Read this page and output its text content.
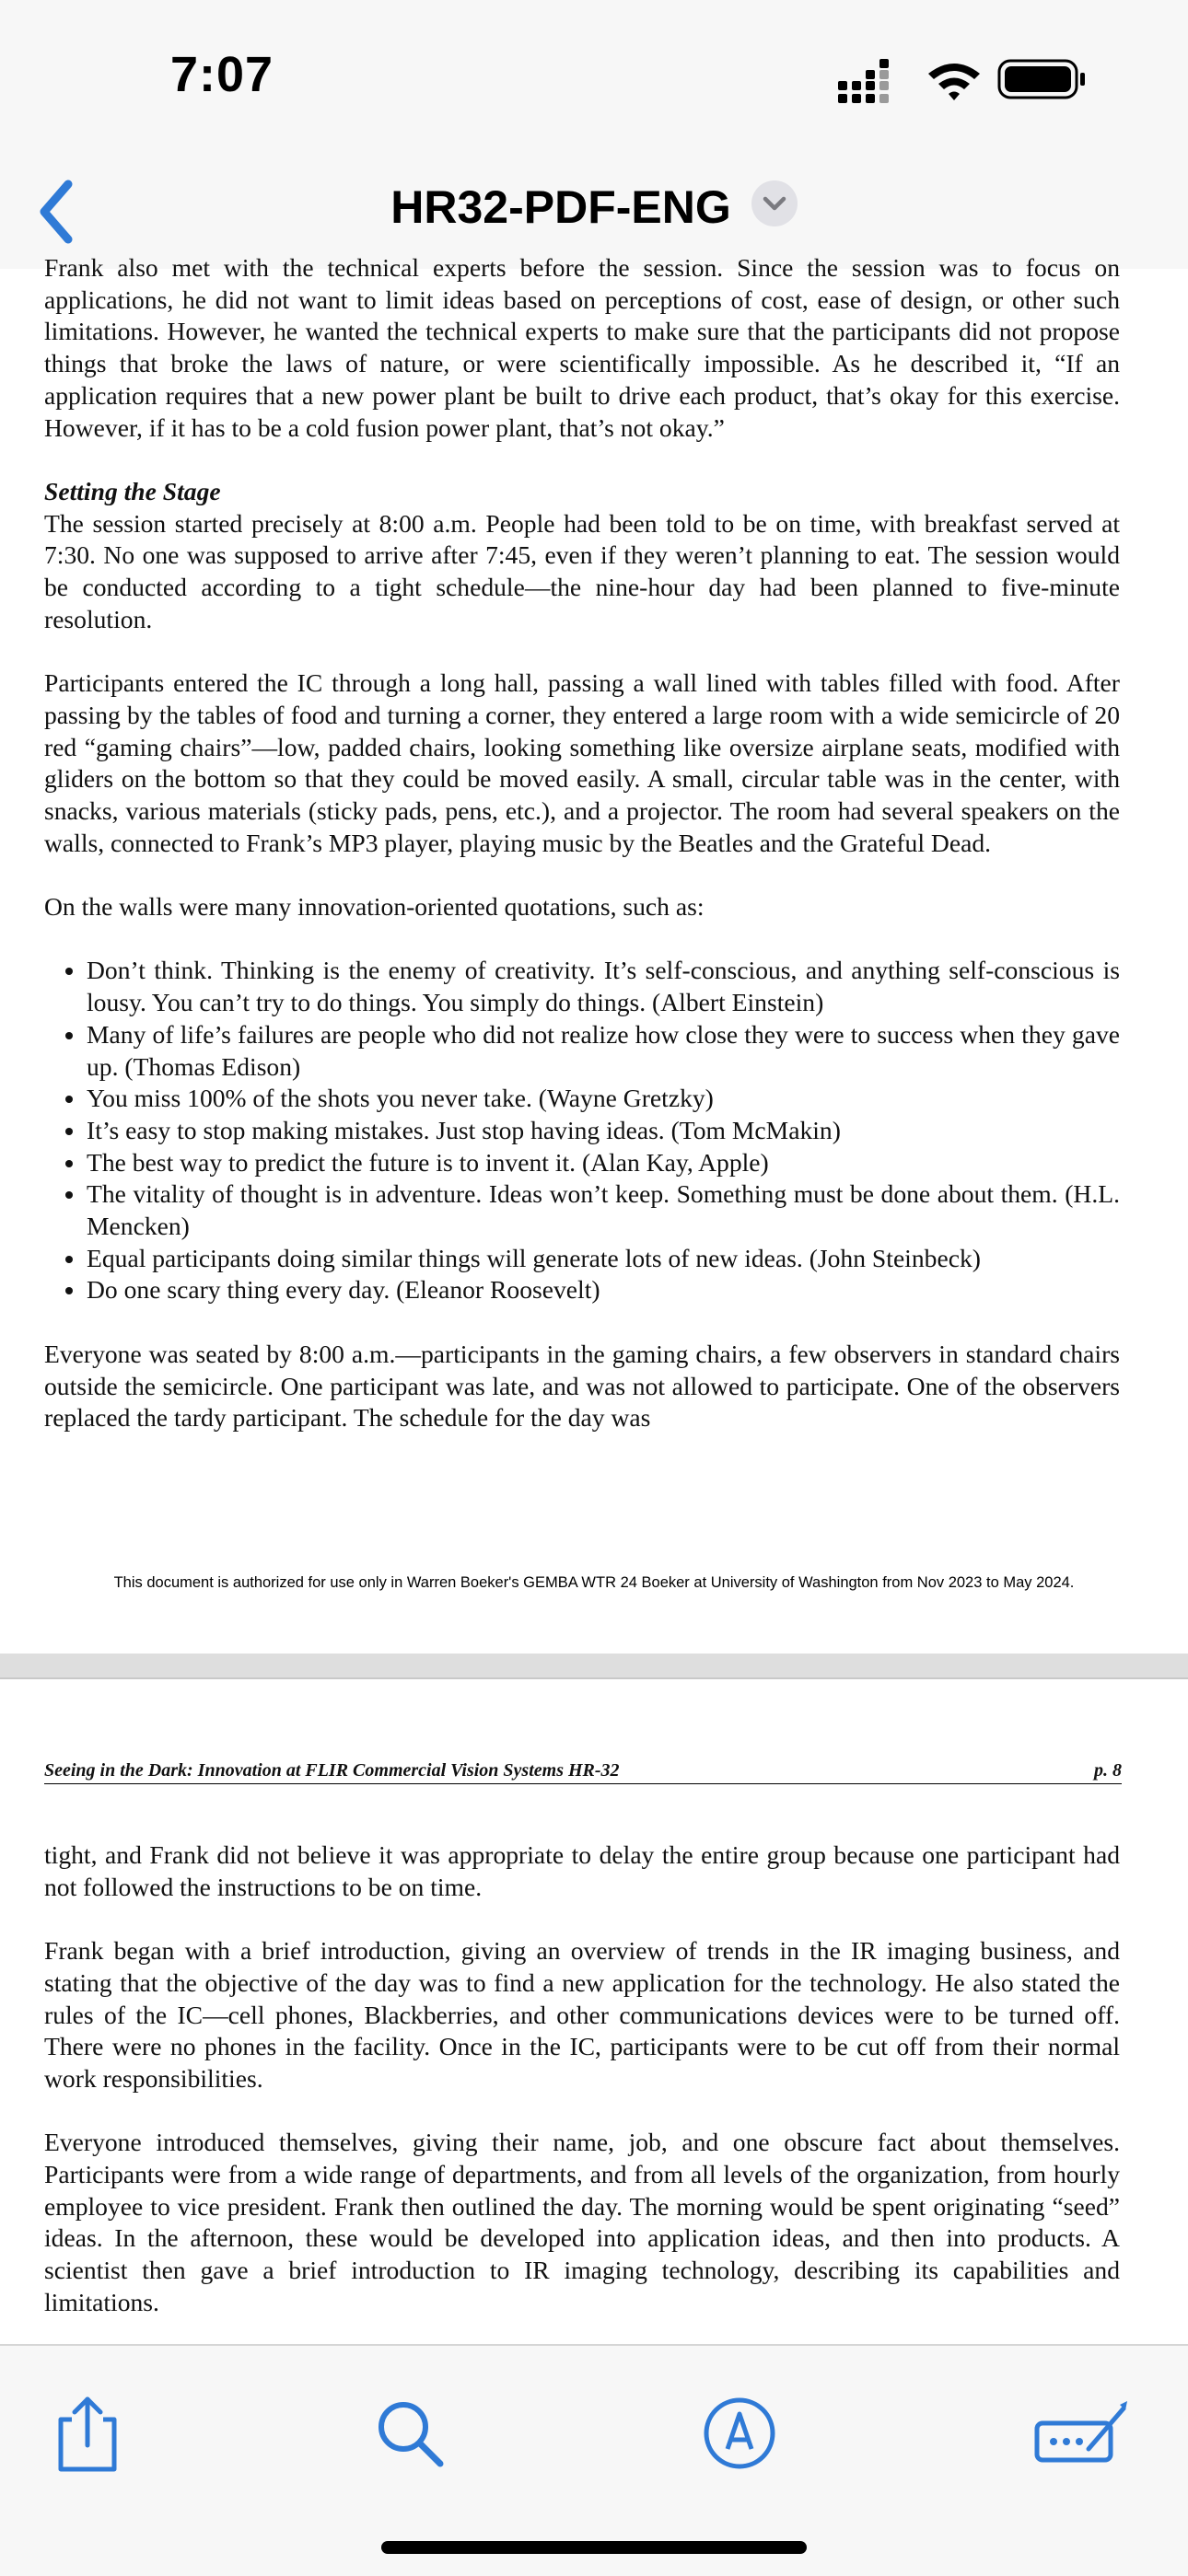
7:07
HR32-PDF-ENG

Frank also met with the technical experts before the session. Since the session was to focus on applications, he did not want to limit ideas based on perceptions of cost, ease of design, or other such limitations. However, he wanted the technical experts to make sure that the participants did not propose things that broke the laws of nature, or were scientifically impossible. As he described it, “If an application requires that a new power plant be built to drive each product, that’s okay for this exercise. However, if it has to be a cold fusion power plant, that’s not okay.”

Setting the Stage

The session started precisely at 8:00 a.m. People had been told to be on time, with breakfast served at 7:30. No one was supposed to arrive after 7:45, even if they weren’t planning to eat. The session would be conducted according to a tight schedule—the nine-hour day had been planned to five-minute resolution.

Participants entered the IC through a long hall, passing a wall lined with tables filled with food. After passing by the tables of food and turning a corner, they entered a large room with a wide semicircle of 20 red “gaming chairs”—low, padded chairs, looking something like oversize airplane seats, modified with gliders on the bottom so that they could be moved easily. A small, circular table was in the center, with snacks, various materials (sticky pads, pens, etc.), and a projector. The room had several speakers on the walls, connected to Frank’s MP3 player, playing music by the Beatles and the Grateful Dead.

On the walls were many innovation-oriented quotations, such as:

• Don’t think. Thinking is the enemy of creativity. It’s self-conscious, and anything self-conscious is lousy. You can’t try to do things. You simply do things. (Albert Einstein)
• Many of life’s failures are people who did not realize how close they were to success when they gave up. (Thomas Edison)
• You miss 100% of the shots you never take. (Wayne Gretzky)
• It’s easy to stop making mistakes. Just stop having ideas. (Tom McMakin)
• The best way to predict the future is to invent it. (Alan Kay, Apple)
• The vitality of thought is in adventure. Ideas won’t keep. Something must be done about them. (H.L. Mencken)
• Equal participants doing similar things will generate lots of new ideas. (John Steinbeck)
• Do one scary thing every day. (Eleanor Roosevelt)

Everyone was seated by 8:00 a.m.—participants in the gaming chairs, a few observers in standard chairs outside the semicircle. One participant was late, and was not allowed to participate. One of the observers replaced the tardy participant. The schedule for the day was

This document is authorized for use only in Warren Boeker's GEMBA WTR 24 Boeker at University of Washington from Nov 2023 to May 2024.
Seeing in the Dark: Innovation at FLIR Commercial Vision Systems HR-32	p. 8

tight, and Frank did not believe it was appropriate to delay the entire group because one participant had not followed the instructions to be on time.

Frank began with a brief introduction, giving an overview of trends in the IR imaging business, and stating that the objective of the day was to find a new application for the technology. He also stated the rules of the IC—cell phones, Blackberries, and other communications devices were to be turned off. There were no phones in the facility. Once in the IC, participants were to be cut off from their normal work responsibilities.

Everyone introduced themselves, giving their name, job, and one obscure fact about themselves. Participants were from a wide range of departments, and from all levels of the organization, from hourly employee to vice president. Frank then outlined the day. The morning would be spent originating “seed” ideas. In the afternoon, these would be developed into application ideas, and then into products. A scientist then gave a brief introduction to IR imaging technology, describing its capabilities and limitations.
